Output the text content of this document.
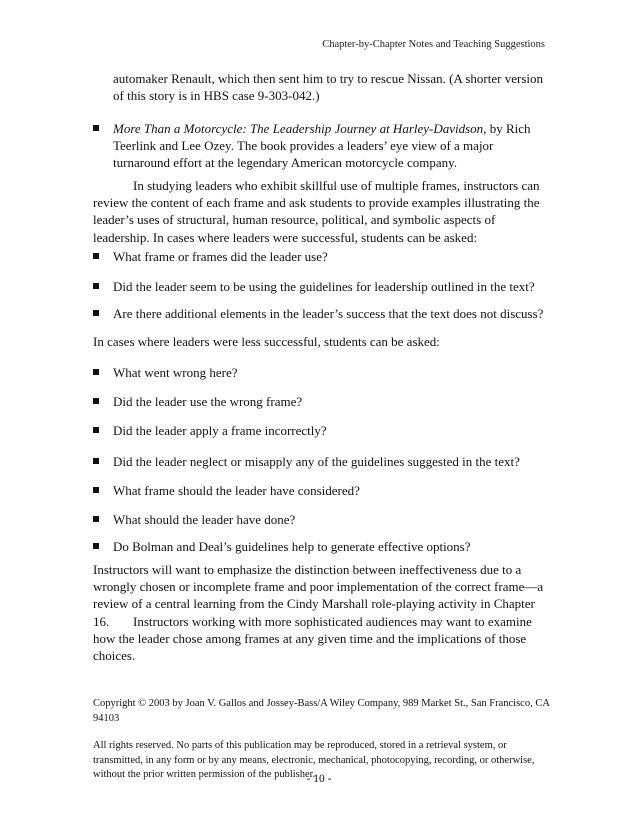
Chapter-by-Chapter Notes and Teaching Suggestions

automaker Renault, which then sent him to try to rescue Nissan. (A shorter version of this story is in HBS case 9-303-042.)

More Than a Motorcycle: The Leadership Journey at Harley-Davidson, by Rich Teerlink and Lee Ozey. The book provides a leaders’ eye view of a major turnaround effort at the legendary American motorcycle company.

In studying leaders who exhibit skillful use of multiple frames, instructors can review the content of each frame and ask students to provide examples illustrating the leader’s uses of structural, human resource, political, and symbolic aspects of leadership. In cases where leaders were successful, students can be asked:

What frame or frames did the leader use?
Did the leader seem to be using the guidelines for leadership outlined in the text?
Are there additional elements in the leader’s success that the text does not discuss?

In cases where leaders were less successful, students can be asked:

What went wrong here?
Did the leader use the wrong frame?
Did the leader apply a frame incorrectly?
Did the leader neglect or misapply any of the guidelines suggested in the text?
What frame should the leader have considered?
What should the leader have done?
Do Bolman and Deal’s guidelines help to generate effective options?

Instructors will want to emphasize the distinction between ineffectiveness due to a wrongly chosen or incomplete frame and poor implementation of the correct frame—a review of a central learning from the Cindy Marshall role-playing activity in Chapter 16.	Instructors working with more sophisticated audiences may want to examine how the leader chose among frames at any given time and the implications of those choices.

Copyright © 2003 by Joan V. Gallos and Jossey-Bass/A Wiley Company, 989 Market St., San Francisco, CA 94103

All rights reserved. No parts of this publication may be reproduced, stored in a retrieval system, or transmitted, in any form or by any means, electronic, mechanical, photocopying, recording, or otherwise, without the prior written permission of the publisher.

- 10 -
